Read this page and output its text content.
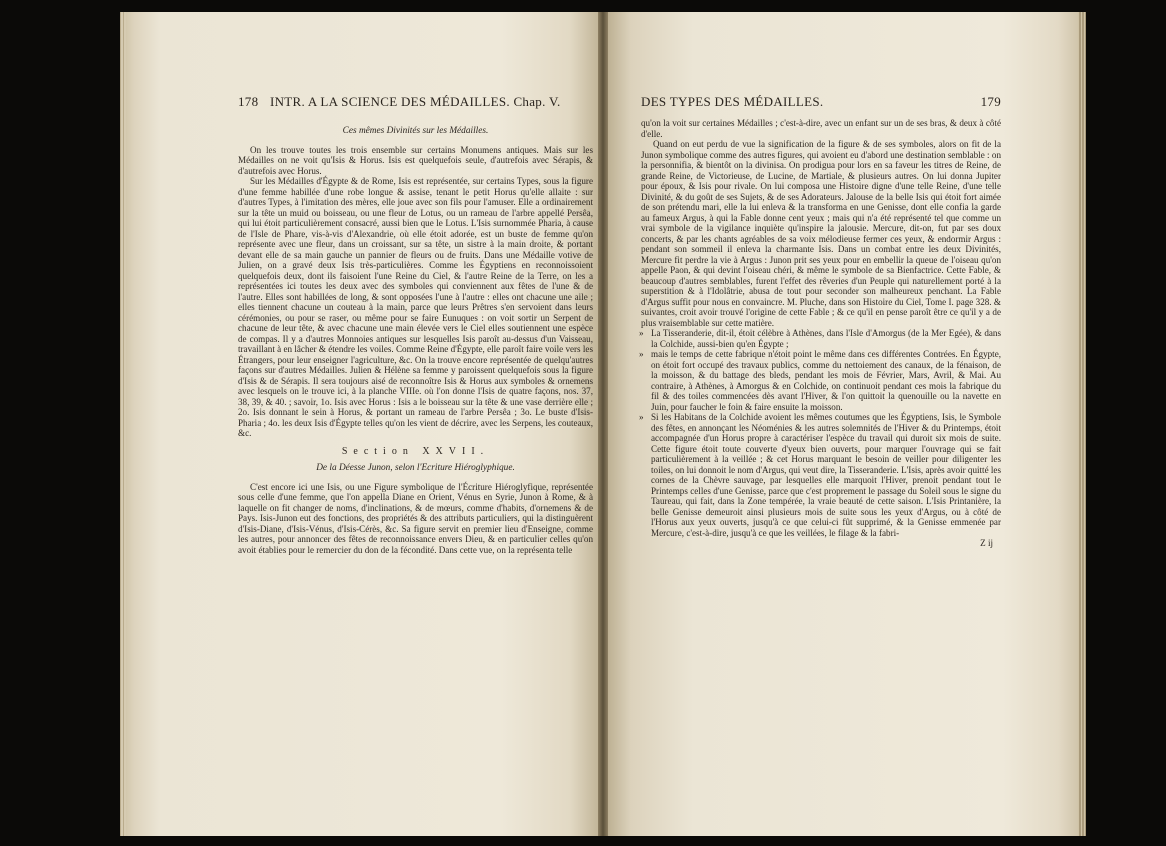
178 INTR. A LA SCIENCE DES MÉDAILLES. Chap. V.

Ces mêmes Divinités sur les Médailles.

On les trouve toutes les trois ensemble sur certains Monumens antiques. Mais sur les Médailles on ne voit qu'Isis & Horus. Isis est quelquefois seule, d'autrefois avec Sérapis, & d'autrefois avec Horus.

Sur les Médailles d'Égypte & de Rome, Isis est représentée, sur certains Types, sous la figure d'une femme habillée d'une robe longue & assise, tenant le petit Horus qu'elle allaite : sur d'autres Types, à l'imitation des mères, elle joue avec son fils pour l'amuser. Elle a ordinairement sur la tête un muid ou boisseau, ou une fleur de Lotus, ou un rameau de l'arbre appellé Persêa, qui lui étoit particulièrement consacré, aussi bien que le Lotus. L'Isis surnommée Pharia, à cause de l'Isle de Phare, vis-à-vis d'Alexandrie, où elle étoit adorée, est un buste de femme qu'on représente avec une fleur, dans un croissant, sur sa tête, un sistre à la main droite, & portant devant elle de sa main gauche un pannier de fleurs ou de fruits. Dans une Médaille votive de Julien, on a gravé deux Isis très-particulières. Comme les Égyptiens en reconnoissoient quelquefois deux, dont ils faisoient l'une Reine du Ciel, & l'autre Reine de la Terre, on les a représentées ici toutes les deux avec des symboles qui conviennent aux fêtes de l'une & de l'autre. Elles sont habillées de long, & sont opposées l'une à l'autre : elles ont chacune une aile ; elles tiennent chacune un couteau à la main, parce que leurs Prêtres s'en servoient dans leurs cérémonies, ou pour se raser, ou même pour se faire Eunuques : on voit sortir un Serpent de chacune de leur tête, & avec chacune une main élevée vers le Ciel elles soutiennent une espèce de compas. Il y a d'autres Monnoies antiques sur lesquelles Isis paroît au-dessus d'un Vaisseau, travaillant à en lâcher & étendre les voiles. Comme Reine d'Égypte, elle paroît faire voile vers les Étrangers, pour leur enseigner l'agriculture, &c. On la trouve encore représentée de quelqu'autres façons sur d'autres Médailles. Julien & Hélène sa femme y paroissent quelquefois sous la figure d'Isis & de Sérapis. Il sera toujours aisé de reconnoître Isis & Horus aux symboles & ornemens avec lesquels on le trouve ici, à la planche VIIIe. où l'on donne l'Isis de quatre façons, nos. 37, 38, 39, & 40. ; savoir, 1o. Isis avec Horus : Isis a le boisseau sur la tête & une vase derrière elle ; 2o. Isis donnant le sein à Horus, & portant un rameau de l'arbre Persêa ; 3o. Le buste d'Isis-Pharia ; 4o. les deux Isis d'Égypte telles qu'on les vient de décrire, avec les Serpens, les couteaux, &c.

Section XXVII.

De la Déesse Junon, selon l'Ecriture Hiéroglyphique.

C'est encore ici une Isis, ou une Figure symbolique de l'Écriture Hiéroglyfique, représentée sous celle d'une femme, que l'on appella Diane en Orient, Vénus en Syrie, Junon à Rome, & à laquelle on fit changer de noms, d'inclinations, & de mœurs, comme d'habits, d'ornemens & de Pays. Isis-Junon eut des fonctions, des propriétés & des attributs particuliers, qui la distinguèrent d'Isis-Diane, d'Isis-Vénus, d'Isis-Cérès, &c. Sa figure servit en premier lieu d'Enseigne, comme les autres, pour annoncer des fêtes de reconnoissance envers Dieu, & en particulier celles qu'on avoit établies pour le remercier du don de la fécondité. Dans cette vue, on la représenta telle

DES TYPES DES MÉDAILLES.	179

qu'on la voit sur certaines Médailles ; c'est-à-dire, avec un enfant sur un de ses bras, & deux à côté d'elle.

Quand on eut perdu de vue la signification de la figure & de ses symboles, alors on fit de la Junon symbolique comme des autres figures, qui avoient eu d'abord une destination semblable : on la personnifia, & bientôt on la divinisa. On prodigua pour lors en sa faveur les titres de Reine, de grande Reine, de Victorieuse, de Lucine, de Martiale, & plusieurs autres. On lui donna Jupiter pour époux, & Isis pour rivale. On lui composa une Histoire digne d'une telle Reine, d'une telle Divinité, & du goût de ses Sujets, & de ses Adorateurs. Jalouse de la belle Isis qui étoit fort aimée de son prétendu mari, elle la lui enleva & la transforma en une Genisse, dont elle confia la garde au fameux Argus, à qui la Fable donne cent yeux ; mais qui n'a été représenté tel que comme un vrai symbole de la vigilance inquiète qu'inspire la jalousie. Mercure, dit-on, fut par ses doux concerts, & par les chants agréables de sa voix mélodieuse fermer ces yeux, & endormir Argus : pendant son sommeil il enleva la charmante Isis. Dans un combat entre les deux Divinités, Mercure fit perdre la vie à Argus : Junon prit ses yeux pour en embellir la queue de l'oiseau qu'on appelle Paon, & qui devint l'oiseau chéri, & même le symbole de sa Bienfactrice. Cette Fable, & beaucoup d'autres semblables, furent l'effet des rêveries d'un Peuple qui naturellement porté à la superstition & à l'Idolâtrie, abusa de tout pour seconder son malheureux penchant. La Fable d'Argus suffit pour nous en convaincre. M. Pluche, dans son Histoire du Ciel, Tome I. page 328. & suivantes, croit avoir trouvé l'origine de cette Fable ; & ce qu'il en pense paroît être ce qu'il y a de plus vraisemblable sur cette matière.

» La Tisseranderie, dit-il, étoit célèbre à Athènes, dans l'Isle d'Amorgus (de la Mer Egée), & dans la Colchide, aussi-bien qu'en Égypte ;

» mais le temps de cette fabrique n'étoit point le même dans ces différentes Contrées. En Égypte, on étoit fort occupé des travaux publics, comme du nettoiement des canaux, de la fénaison, de la moisson, & du battage des bleds, pendant les mois de Février, Mars, Avril, & Mai. Au contraire, à Athènes, à Amorgus & en Colchide, on continuoit pendant ces mois la fabrique du fil & des toiles commencées dès avant l'Hiver, & l'on quittoit la quenouille ou la navette en Juin, pour faucher le foin & faire ensuite la moisson.

» Si les Habitans de la Colchide avoient les mêmes coutumes que les Égyptiens, Isis, le Symbole des fêtes, en annonçant les Néoménies & les autres solemnités de l'Hiver & du Printemps, étoit accompagnée d'un Horus propre à caractériser l'espèce du travail qui duroit six mois de suite. Cette figure étoit toute couverte d'yeux bien ouverts, pour marquer l'ouvrage qui se fait particulièrement à la veillée ; & cet Horus marquant le besoin de veiller pour diligenter les toiles, on lui donnoit le nom d'Argus, qui veut dire, la Tisseranderie. L'Isis, après avoir quitté les cornes de la Chèvre sauvage, par lesquelles elle marquoit l'Hiver, prenoit pendant tout le Printemps celles d'une Genisse, parce que c'est proprement le passage du Soleil sous le signe du Taureau, qui fait, dans la Zone tempérée, la vraie beauté de cette saison. L'Isis Printanière, la belle Genisse demeuroit ainsi plusieurs mois de suite sous les yeux d'Argus, ou à côté de l'Horus aux yeux ouverts, jusqu'à ce que celui-ci fût supprimé, & la Genisse emmenée par Mercure, c'est-à-dire, jusqu'à ce que les veillées, le filage & la fabri-

Z ij
